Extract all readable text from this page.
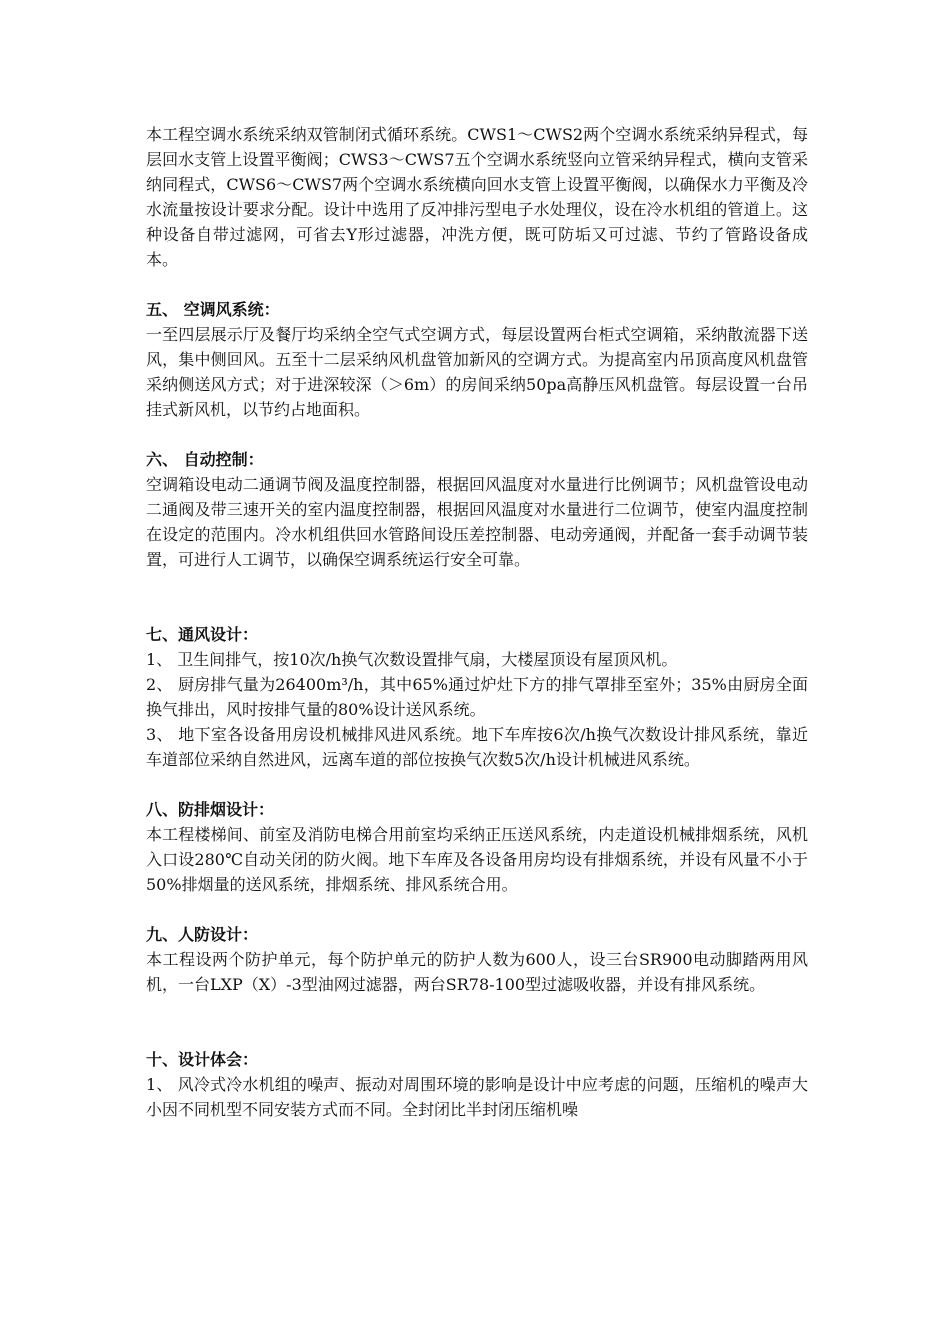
本工程空调水系统采纳双管制闭式循环系统。CWS1～CWS2两个空调水系统采纳异程式，每层回水支管上设置平衡阀；CWS3～CWS7五个空调水系统竖向立管采纳异程式，横向支管采纳同程式，CWS6～CWS7两个空调水系统横向回水支管上设置平衡阀，以确保水力平衡及冷水流量按设计要求分配。设计中选用了反冲排污型电子水处理仪，设在冷水机组的管道上。这种设备自带过滤网，可省去Y形过滤器，冲洗方便，既可防垢又可过滤、节约了管路设备成本。

五、 空调风系统：

一至四层展示厅及餐厅均采纳全空气式空调方式，每层设置两台柜式空调箱，采纳散流器下送风，集中侧回风。五至十二层采纳风机盘管加新风的空调方式。为提高室内吊顶高度风机盘管采纳侧送风方式；对于进深较深（＞6m）的房间采纳50pa高静压风机盘管。每层设置一台吊挂式新风机，以节约占地面积。

六、 自动控制：

空调箱设电动二通调节阀及温度控制器，根据回风温度对水量进行比例调节；风机盘管设电动二通阀及带三速开关的室内温度控制器，根据回风温度对水量进行二位调节，使室内温度控制在设定的范围内。冷水机组供回水管路间设压差控制器、电动旁通阀，并配备一套手动调节装置，可进行人工调节，以确保空调系统运行安全可靠。

七、通风设计：

1、 卫生间排气，按10次/h换气次数设置排气扇，大楼屋顶设有屋顶风机。

2、 厨房排气量为26400m³/h，其中65%通过炉灶下方的排气罩排至室外；35%由厨房全面换气排出，风时按排气量的80%设计送风系统。

3、 地下室各设备用房设机械排风进风系统。地下车库按6次/h换气次数设计排风系统，靠近车道部位采纳自然进风，远离车道的部位按换气次数5次/h设计机械进风系统。

八、防排烟设计：

本工程楼梯间、前室及消防电梯合用前室均采纳正压送风系统，内走道设机械排烟系统，风机入口设280℃自动关闭的防火阀。地下车库及各设备用房均设有排烟系统，并设有风量不小于50%排烟量的送风系统，排烟系统、排风系统合用。

九、人防设计：

本工程设两个防护单元，每个防护单元的防护人数为600人，设三台SR900电动脚踏两用风机，一台LXP（X）-3型油网过滤器，两台SR78-100型过滤吸收器，并设有排风系统。

十、设计体会：

1、 风冷式冷水机组的噪声、振动对周围环境的影响是设计中应考虑的问题，压缩机的噪声大小因不同机型不同安装方式而不同。全封闭比半封闭压缩机噪
